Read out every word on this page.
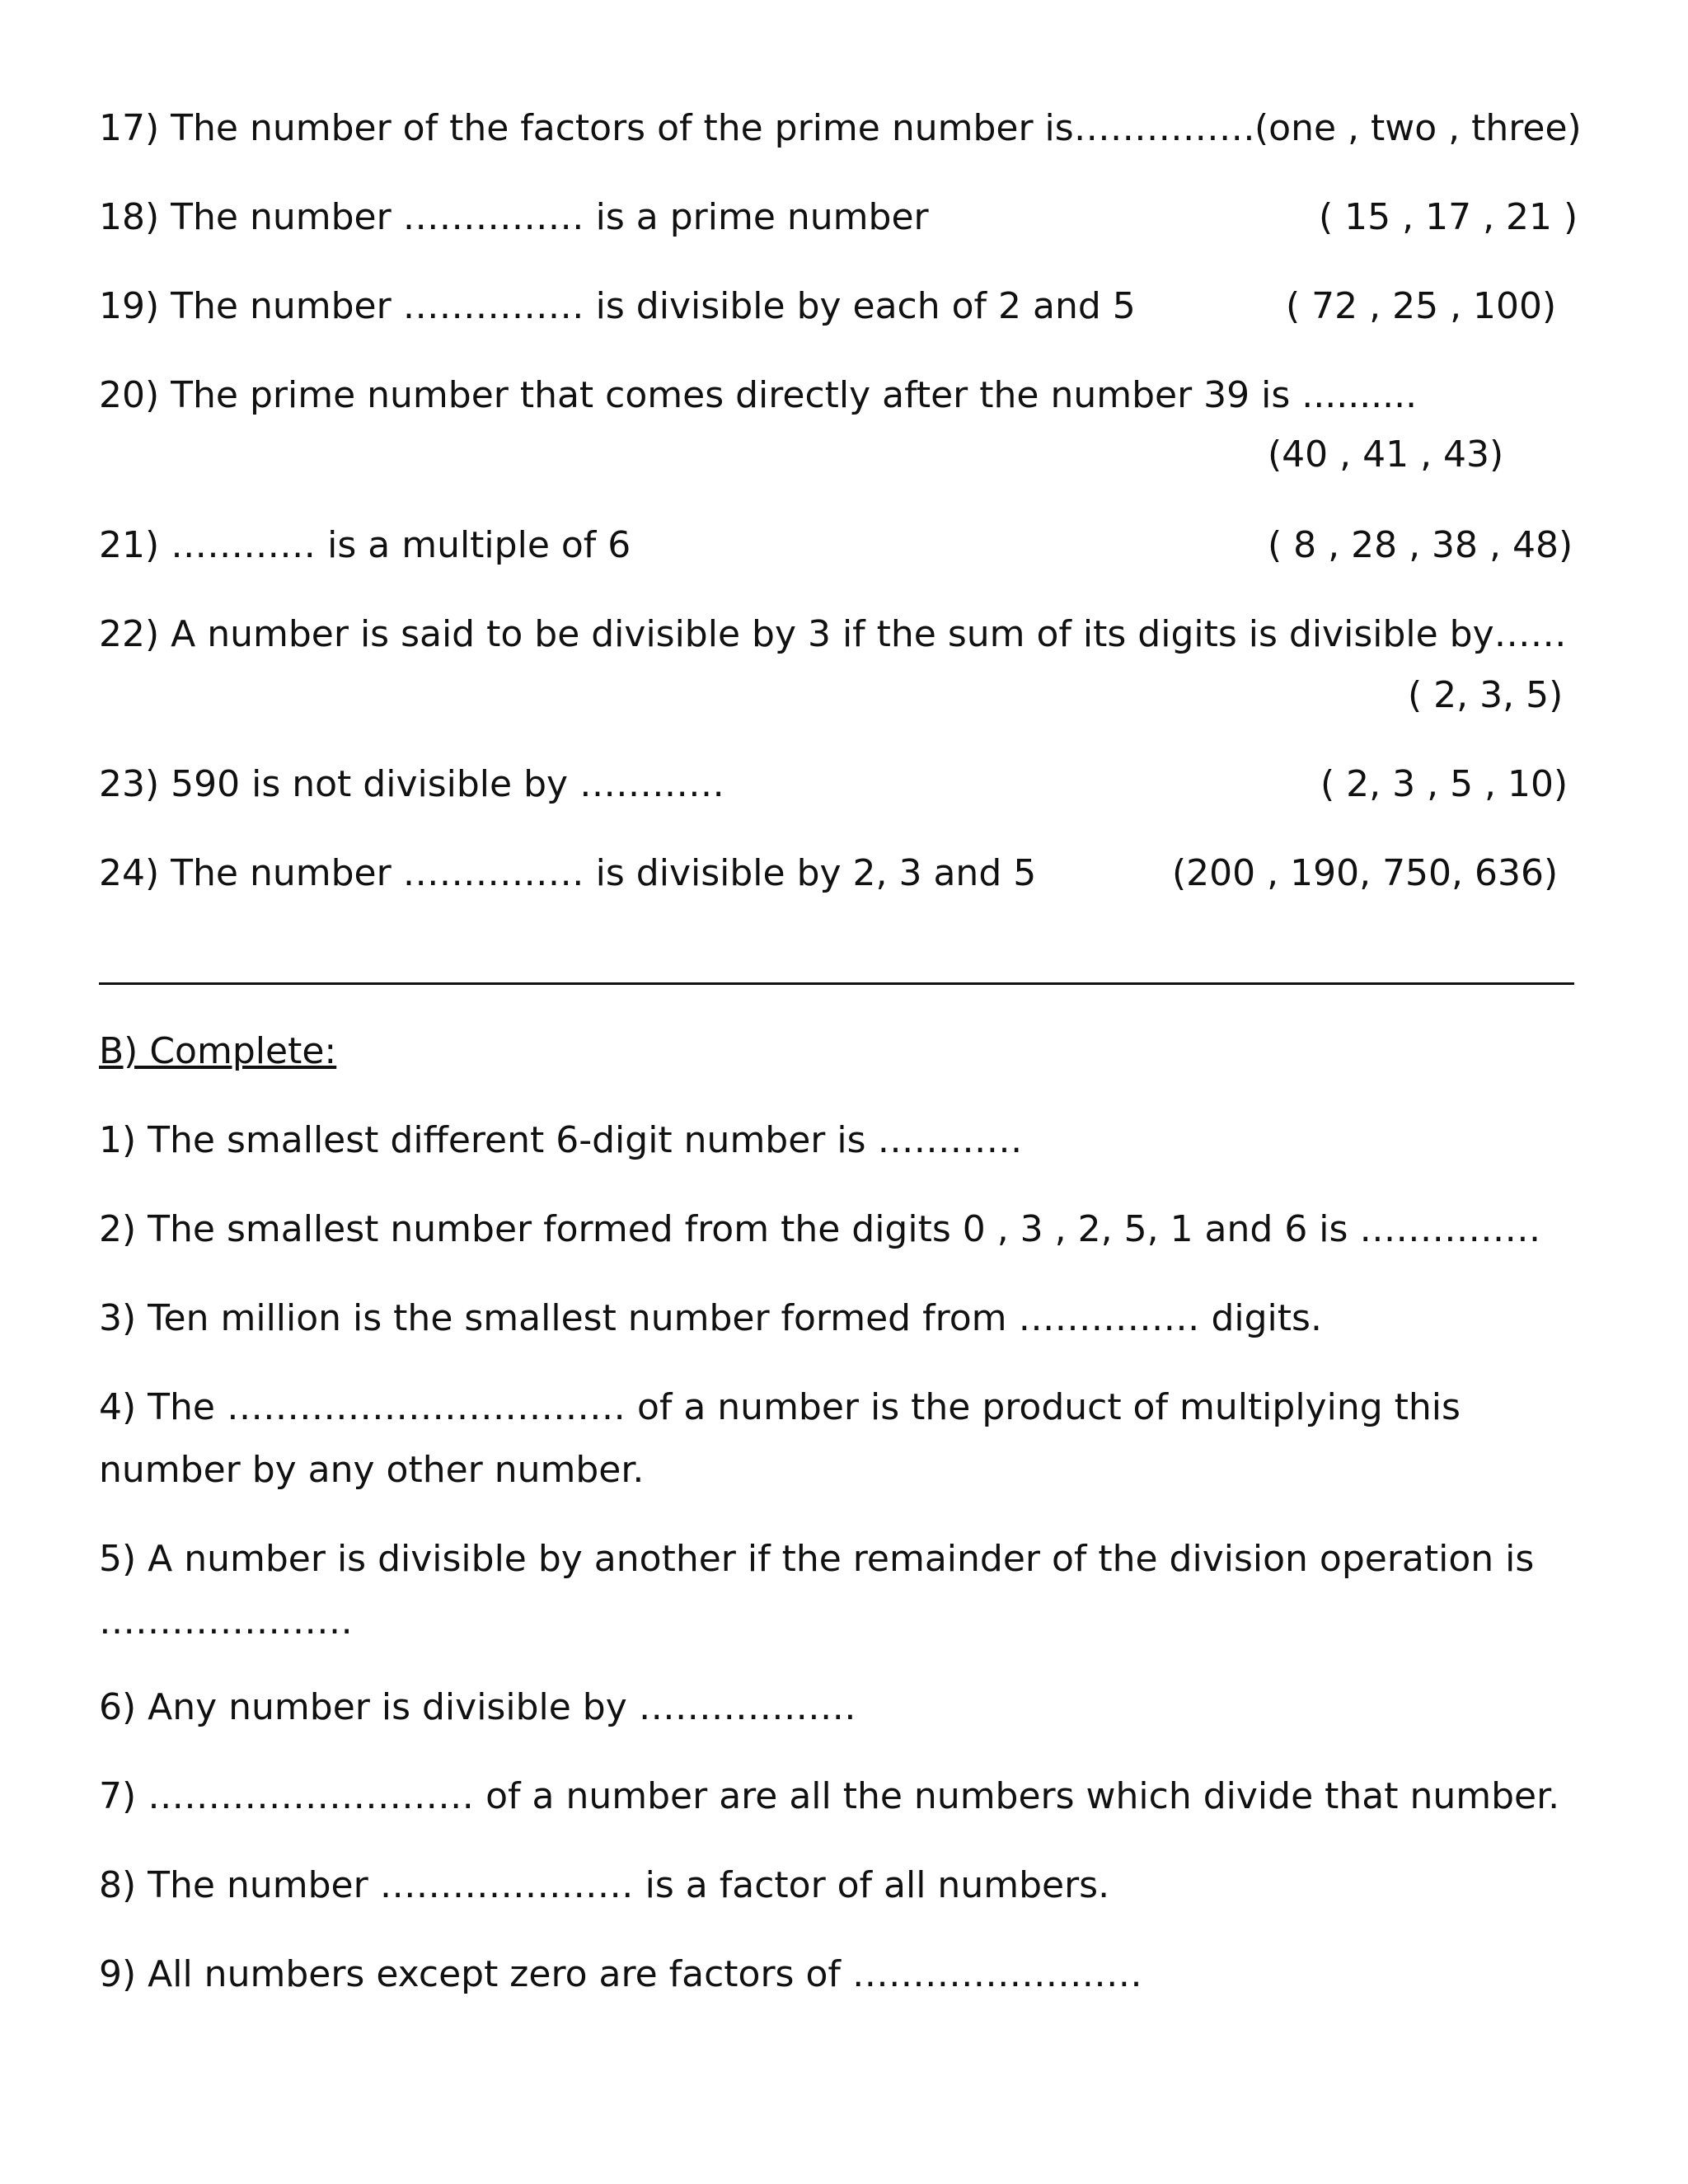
17) The number of the factors of the prime number is…………… (one , two , three)
18) The number …………… is a prime number	( 15 , 17 , 21 )
19) The number …………… is divisible by each of 2 and 5	( 72 , 25 , 100)
20) The prime number that comes directly after the number 39 is ..........
(40 , 41 , 43)
21) ………… is a multiple of 6	( 8 , 28 , 38 , 48)
22) A number is said to be divisible by 3 if the sum of its digits is divisible by……
( 2, 3, 5)
23) 590 is not divisible by …………	( 2, 3 , 5 , 10)
24) The number …………… is divisible by 2, 3 and 5	(200 , 190, 750, 636)
B) Complete:
1) The smallest different 6-digit number is …………
2) The smallest number formed from the digits 0 , 3 , 2, 5, 1 and 6 is ……………
3) Ten million is the smallest number formed from …………… digits.
4) The …………………………… of a number is the product of multiplying this number by any other number.
5) A number is divisible by another if the remainder of the division operation is …………………
6) Any number is divisible by ………………
7) ……………………… of a number are all the numbers which divide that number.
8) The number ………………… is a factor of all numbers.
9) All numbers except zero are factors of ……………………
